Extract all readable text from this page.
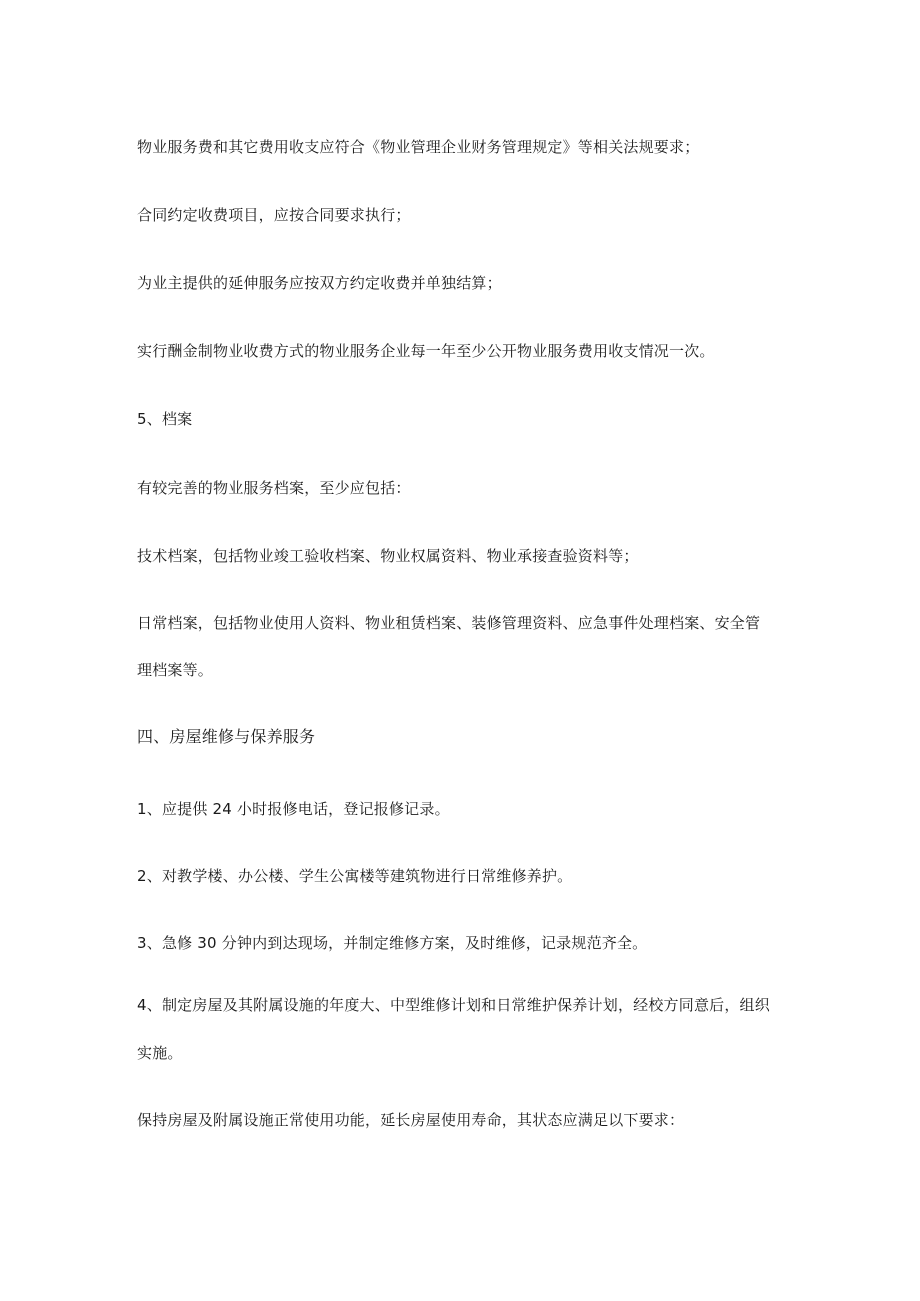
物业服务费和其它费用收支应符合《物业管理企业财务管理规定》等相关法规要求；
合同约定收费项目，应按合同要求执行；
为业主提供的延伸服务应按双方约定收费并单独结算；
实行酬金制物业收费方式的物业服务企业每一年至少公开物业服务费用收支情况一次。
5、档案
有较完善的物业服务档案，至少应包括：
技术档案，包括物业竣工验收档案、物业权属资料、物业承接查验资料等；
日常档案，包括物业使用人资料、物业租赁档案、装修管理资料、应急事件处理档案、安全管
理档案等。
四、房屋维修与保养服务
1、应提供 24 小时报修电话，登记报修记录。
2、对教学楼、办公楼、学生公寓楼等建筑物进行日常维修养护。
3、急修 30 分钟内到达现场，并制定维修方案，及时维修，记录规范齐全。
4、制定房屋及其附属设施的年度大、中型维修计划和日常维护保养计划，经校方同意后，组织
实施。
保持房屋及附属设施正常使用功能，延长房屋使用寿命，其状态应满足以下要求：
